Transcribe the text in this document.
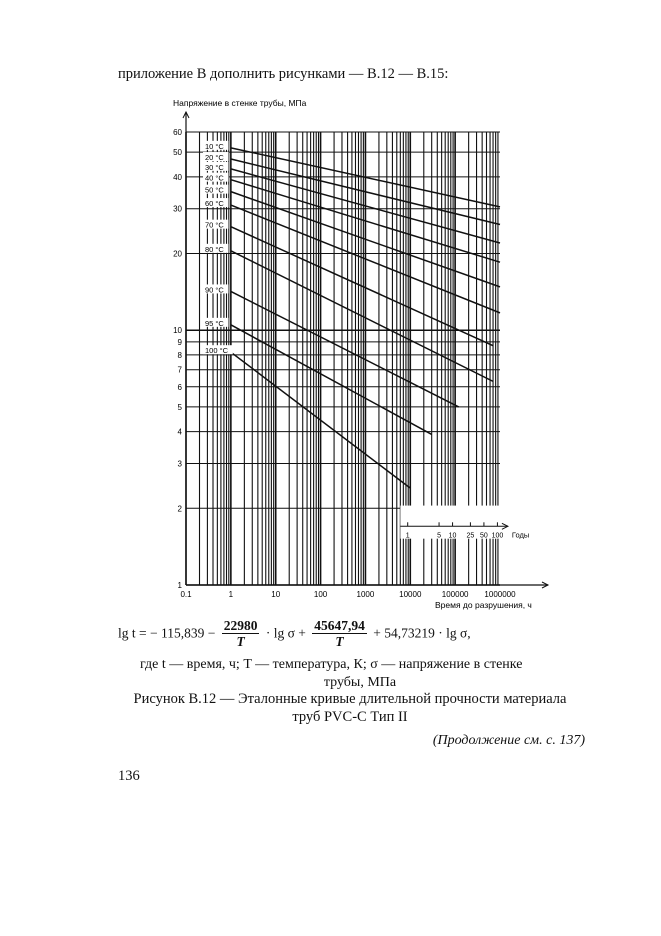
приложение В дополнить рисунками — В.12 — В.15:
1	5 10 25 50 100 Годы
Напряжение в стенке трубы, МПа
Время до разрушения, ч
0.1	1	10	100	1000	10000	100000 1000000
1
2
3
4
5
6
7
8
9
10
20
30
40
50
60
10 °C
20 °C
30 °C
40 °C
50 °C
60 °C
70 °C
80 °C
90 °C
95 °C
100 °C
lg t = − $115,839 - \frac{22980}{T} \cdot \lg \sigma + \frac{45647,94}{T} + 54,73219 \cdot \lg \sigma$,
где t — время, ч; T — температура, К; σ — напряжение в стенке
трубы, МПа
Рисунок В.12 — Эталонные кривые длительной прочности материала
труб PVC-C Тип II
(Продолжение см. с. 137)
136
